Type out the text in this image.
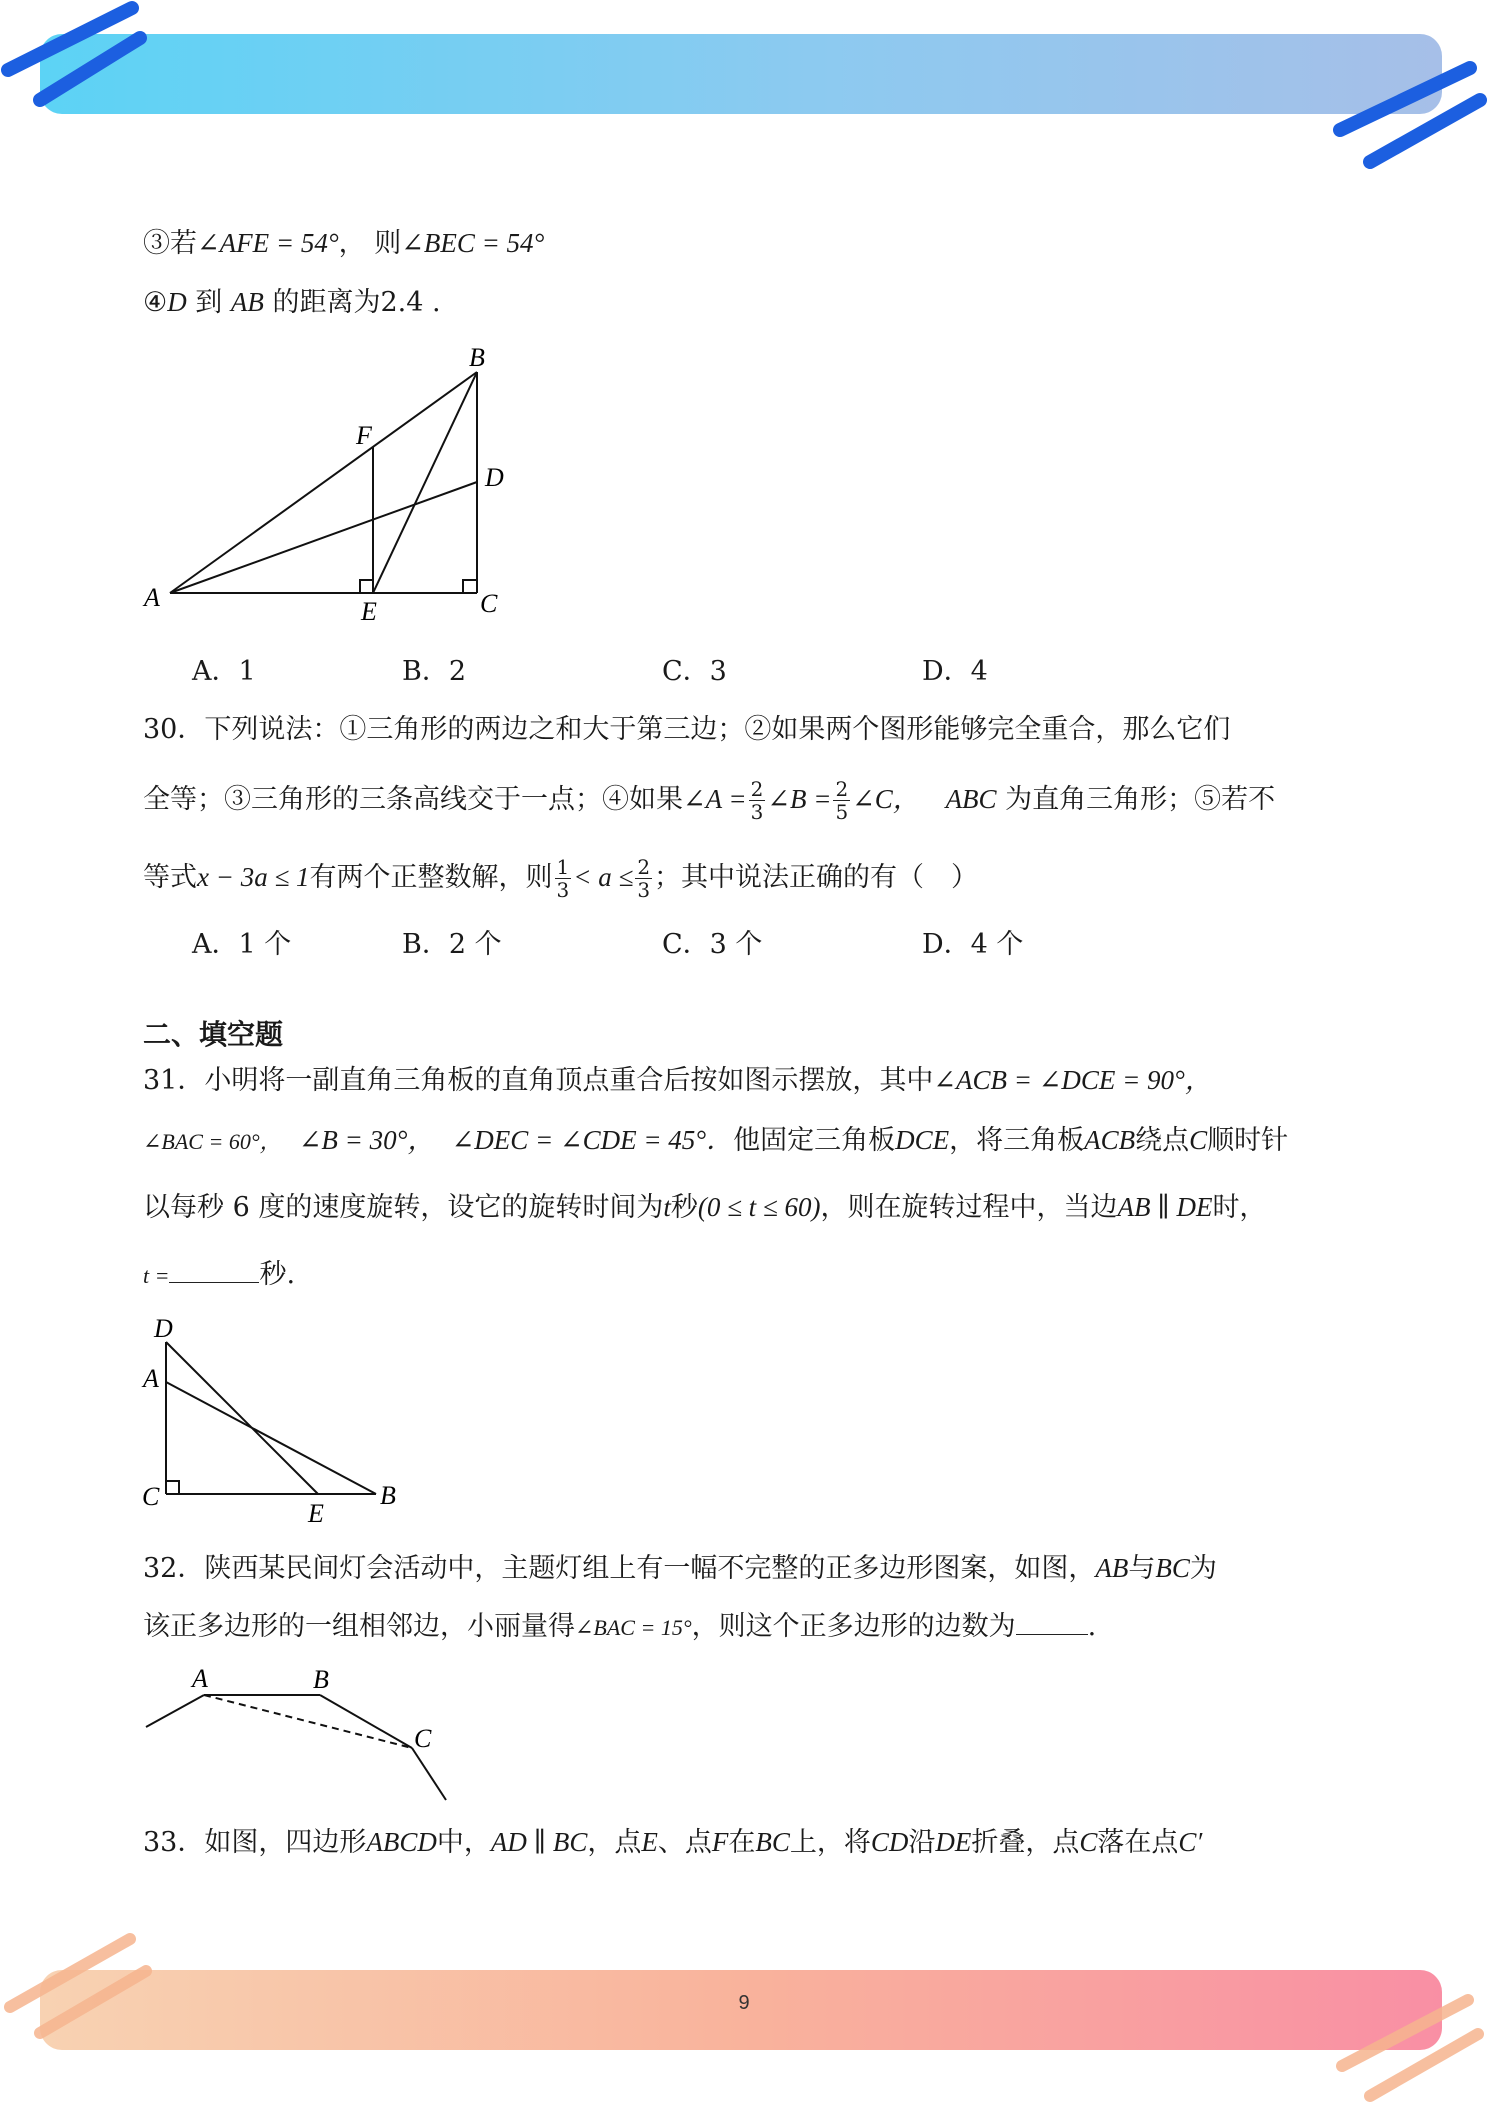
③若∠AFE = 54°， 则∠BEC = 54°
④D 到 AB 的距离为2.4 .
B
F
D
A	E	C
A．1	B．2	C．3	D．4
30．下列说法：①三角形的两边之和大于第三边；②如果两个图形能够完全重合，那么它们
全等；③三角形的三条高线交于一点；④如果∠A = $\frac{2}{3}$ ∠B = $\frac{2}{5}$ ∠C， ABC 为直角三角形；⑤若不
等式x − 3a ≤ 1有两个正整数解，则 $\frac{1}{3} < a \le \frac{2}{3}$ ；其中说法正确的有（　）
A．1 个	B．2 个	C．3 个	D．4 个
二、填空题
31．小明将一副直角三角板的直角顶点重合后按如图示摆放，其中∠ACB = ∠DCE = 90°，
∠BAC = 60°， ∠B = 30°， ∠DEC = ∠CDE = 45°．他固定三角板DCE，将三角板ACB绕点C顺时针
以每秒 6 度的速度旋转，设它的旋转时间为t秒(0 ≤ t ≤ 60)，则在旋转过程中，当边AB ∥ DE时，
t =	秒.
D
A
C
E
B
32．陕西某民间灯会活动中，主题灯组上有一幅不完整的正多边形图案，如图，AB与BC为
该正多边形的一组相邻边，小丽量得∠BAC = 15°，则这个正多边形的边数为	.
A	B
C
33．如图，四边形ABCD中，AD ∥ BC，点E、点F在BC上，将CD沿DE折叠，点C落在点C′
9
